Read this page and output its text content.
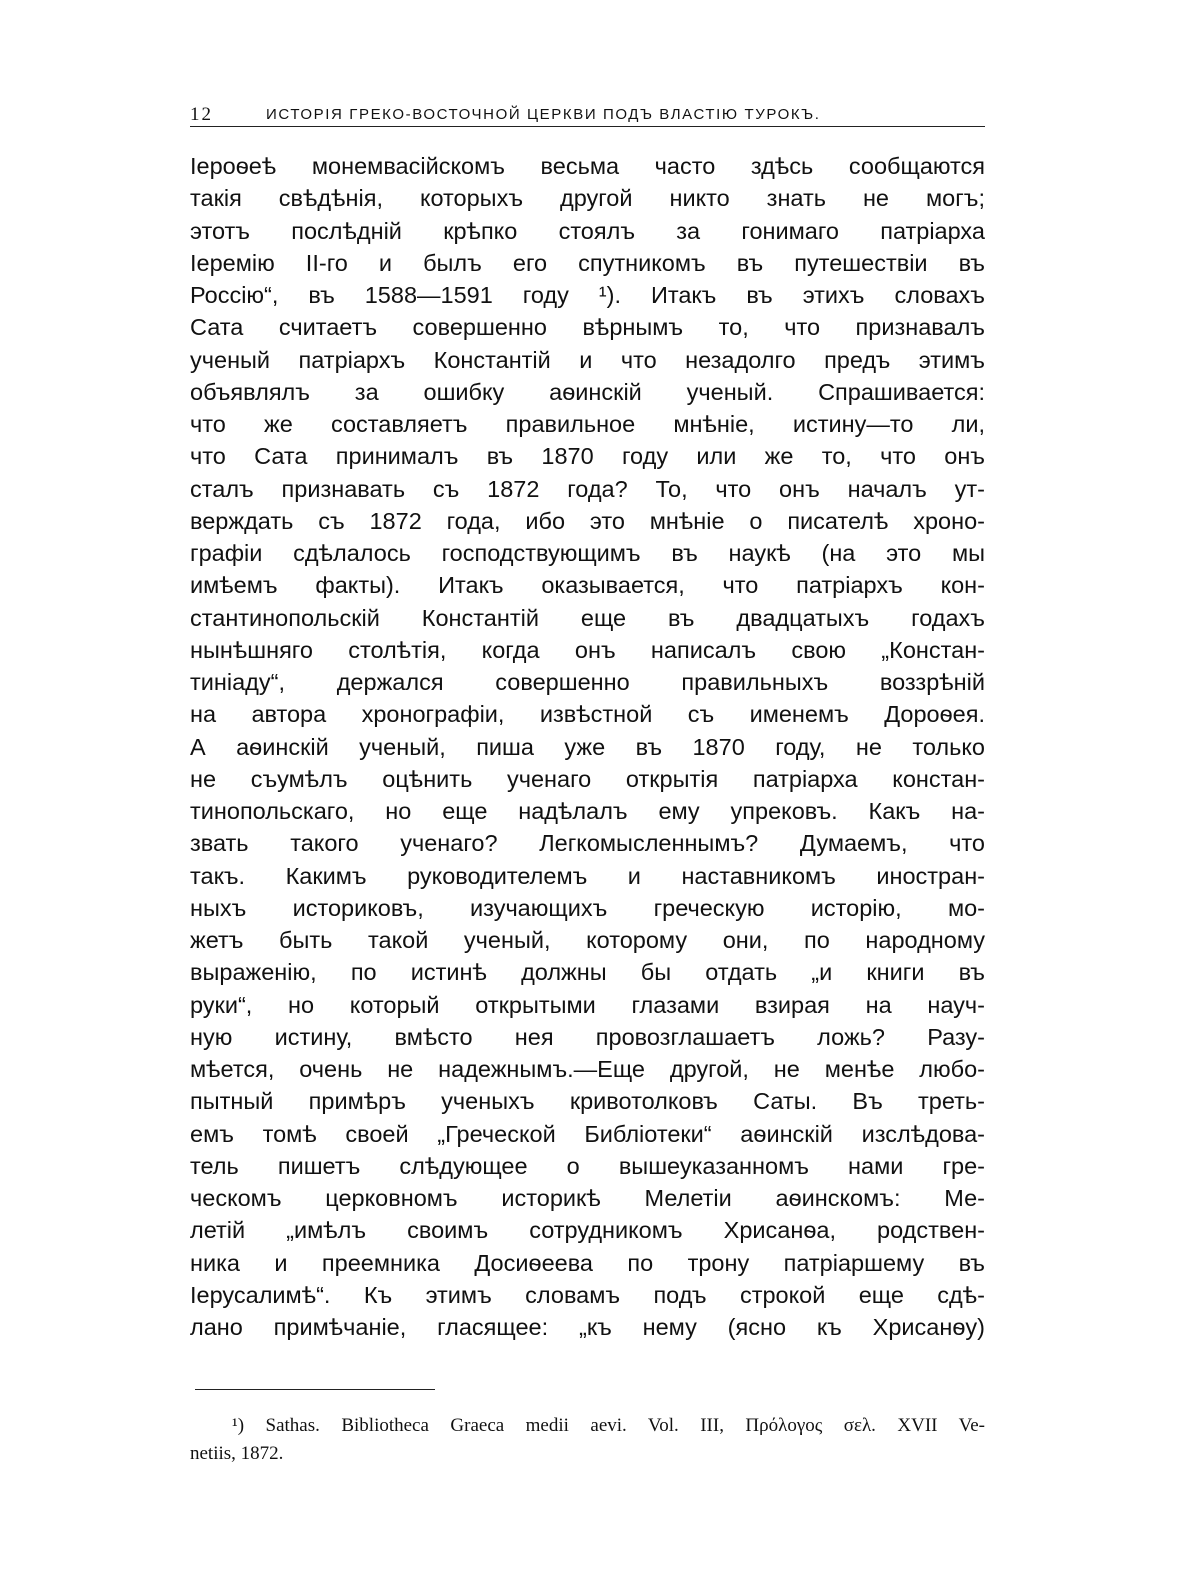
12	ИСТОРІЯ ГРЕКО-ВОСТОЧНОЙ ЦЕРКВИ ПОДЪ ВЛАСТІЮ ТУРОКЪ.
Іероѳеѣ монемвасійскомъ весьма часто здѣсь сообщаются
такія свѣдѣнія, которыхъ другой никто знать не могъ;
этотъ послѣдній крѣпко стоялъ за гонимаго патріарха
Іеремію ІІ-го и былъ его спутникомъ въ путешествіи въ
Россію“, въ 1588—1591 году ¹). Итакъ въ этихъ словахъ
Сата считаетъ совершенно вѣрнымъ то, что признавалъ
ученый патріархъ Константій и что незадолго предъ этимъ
объявлялъ за ошибку аѳинскій ученый. Спрашивается:
что же составляетъ правильное мнѣніе, истину—то ли,
что Сата принималъ въ 1870 году или же то, что онъ
сталъ признавать съ 1872 года? То, что онъ началъ ут-
верждать съ 1872 года, ибо это мнѣніе о писателѣ хроно-
графіи сдѣлалось господствующимъ въ наукѣ (на это мы
имѣемъ факты). Итакъ оказывается, что патріархъ кон-
стантинопольскій Константій еще въ двадцатыхъ годахъ
нынѣшняго столѣтія, когда онъ написалъ свою „Констан-
тиніаду“, держался совершенно правильныхъ воззрѣній
на автора хронографіи, извѣстной съ именемъ Дороѳея.
А аѳинскій ученый, пиша уже въ 1870 году, не только
не съумѣлъ оцѣнить ученаго открытія патріарха констан-
тинопольскаго, но еще надѣлалъ ему упрековъ. Какъ на-
звать такого ученаго? Легкомысленнымъ? Думаемъ, что
такъ. Какимъ руководителемъ и наставникомъ иностран-
ныхъ историковъ, изучающихъ греческую исторію, мо-
жетъ быть такой ученый, которому они, по народному
выраженію, по истинѣ должны бы отдать „и книги въ
руки“, но который открытыми глазами взирая на науч-
ную истину, вмѣсто нея провозглашаетъ ложь? Разу-
мѣется, очень не надежнымъ.—Еще другой, не менѣе любо-
пытный примѣръ ученыхъ кривотолковъ Саты. Въ треть-
емъ томѣ своей „Греческой Библіотеки“ аѳинскій изслѣдова-
тель пишетъ слѣдующее о вышеуказанномъ нами гре-
ческомъ церковномъ историкѣ Мелетіи аѳинскомъ: Ме-
летій „имѣлъ своимъ сотрудникомъ Хрисанѳа, родствен-
ника и преемника Досиѳеева по трону патріаршему въ
Іерусалимѣ“. Къ этимъ словамъ подъ строкой еще сдѣ-
лано примѣчаніе, гласящее: „къ нему (ясно къ Хрисанѳу)
¹) Sathas. Bibliotheca Graeca medii aevi. Vol. III, Πρόλογος σελ. XVII Ve-
netiis, 1872.
